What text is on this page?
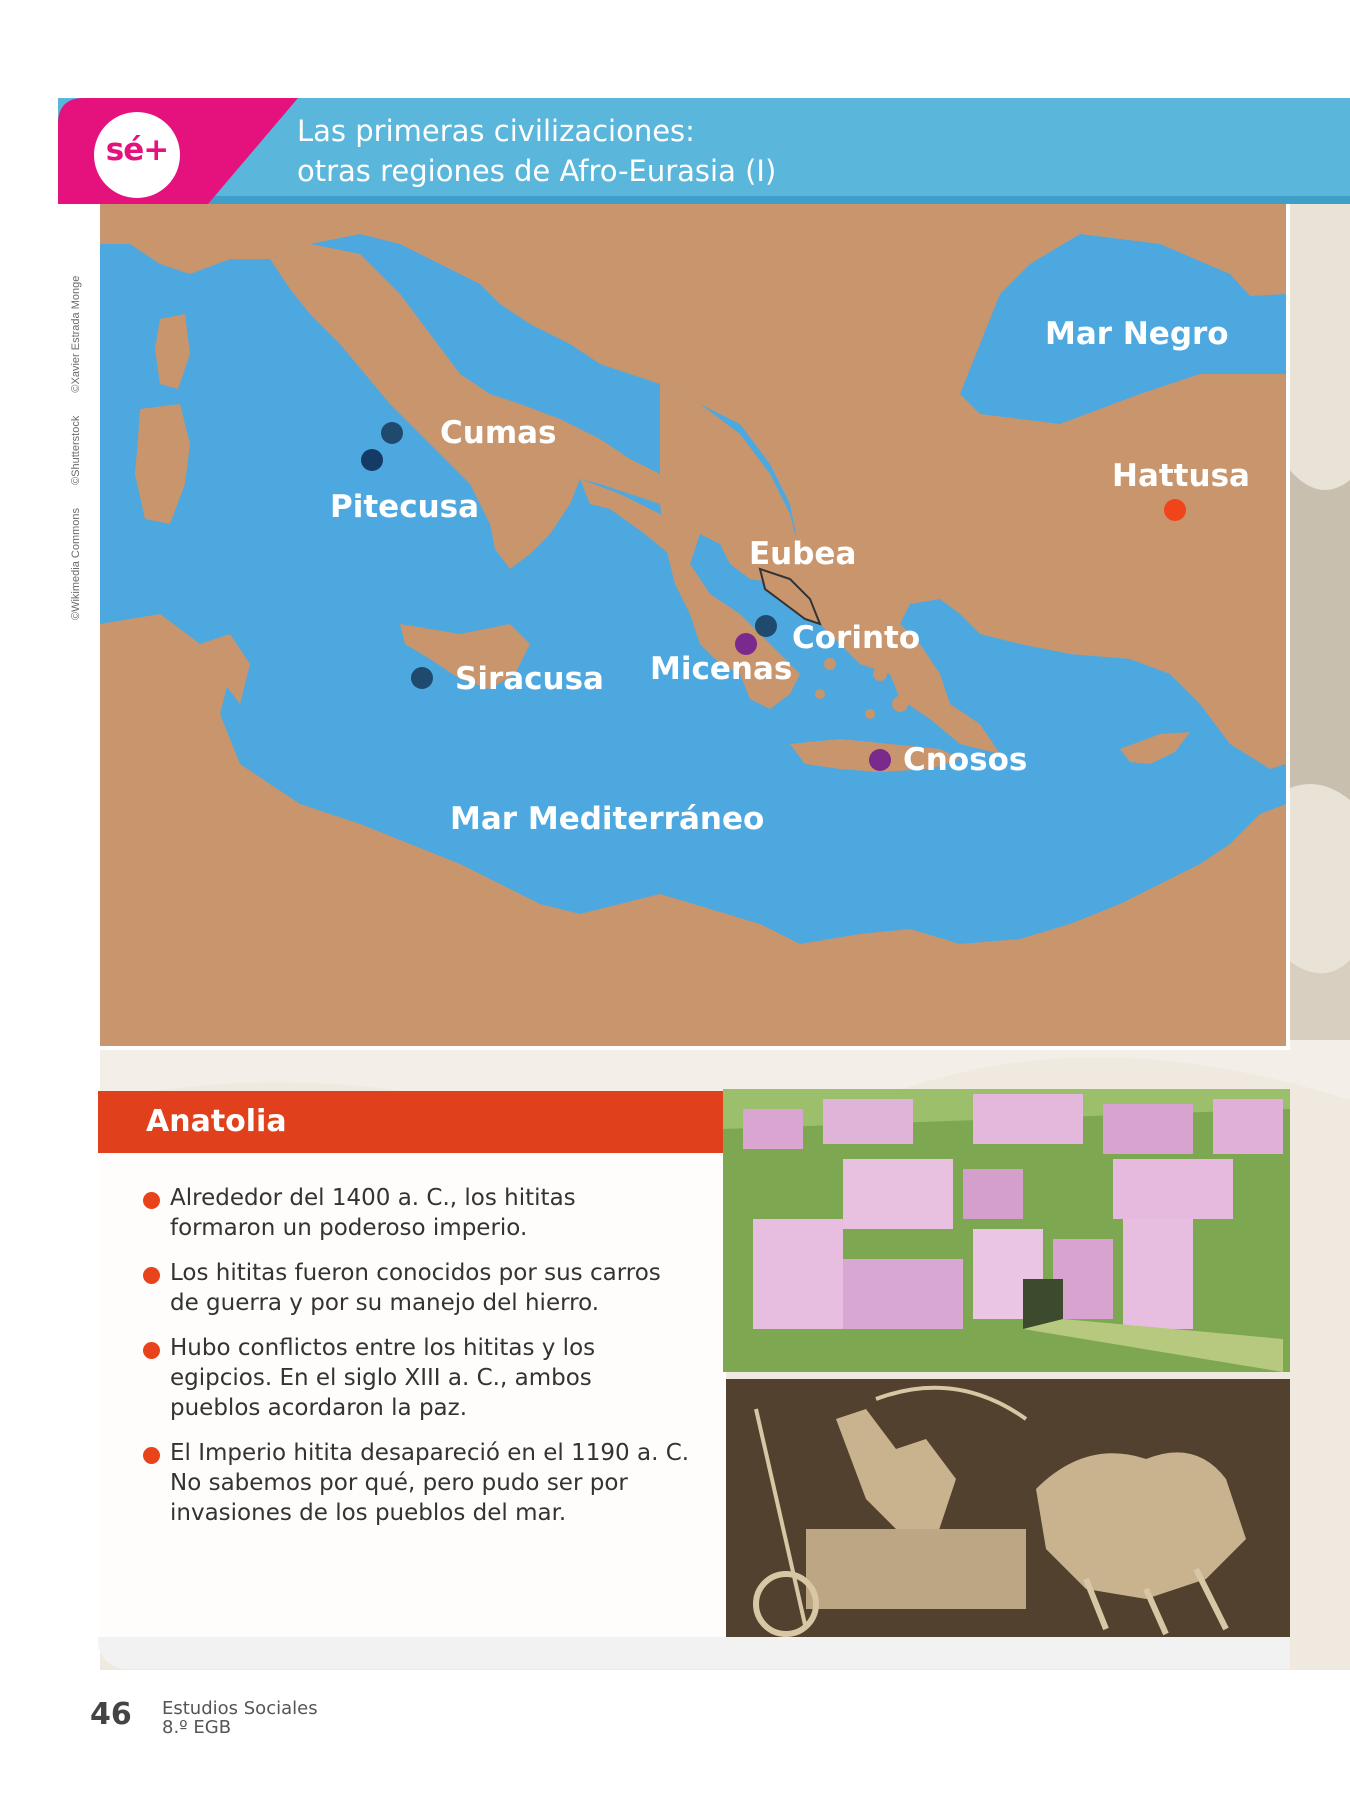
sé+
Las primeras civilizaciones:
otras regiones de Afro-Eurasia (I)
©Wikimedia Commons ©Shutterstock ©Xavier Estrada Monge
Cumas
Pitecusa
Siracusa
Eubea
Corinto
Micenas
Cnosos
Hattusa
Mar Negro
Mar Mediterráneo
Anatolia
Alrededor del 1400 a. C., los hititas
formaron un poderoso imperio.
Los hititas fueron conocidos por sus carros
de guerra y por su manejo del hierro.
Hubo conflictos entre los hititas y los
egipcios. En el siglo XIII a. C., ambos
pueblos acordaron la paz.
El Imperio hitita desapareció en el 1190 a. C.
No sabemos por qué, pero pudo ser por
invasiones de los pueblos del mar.
46 Estudios Sociales
8.º EGB
